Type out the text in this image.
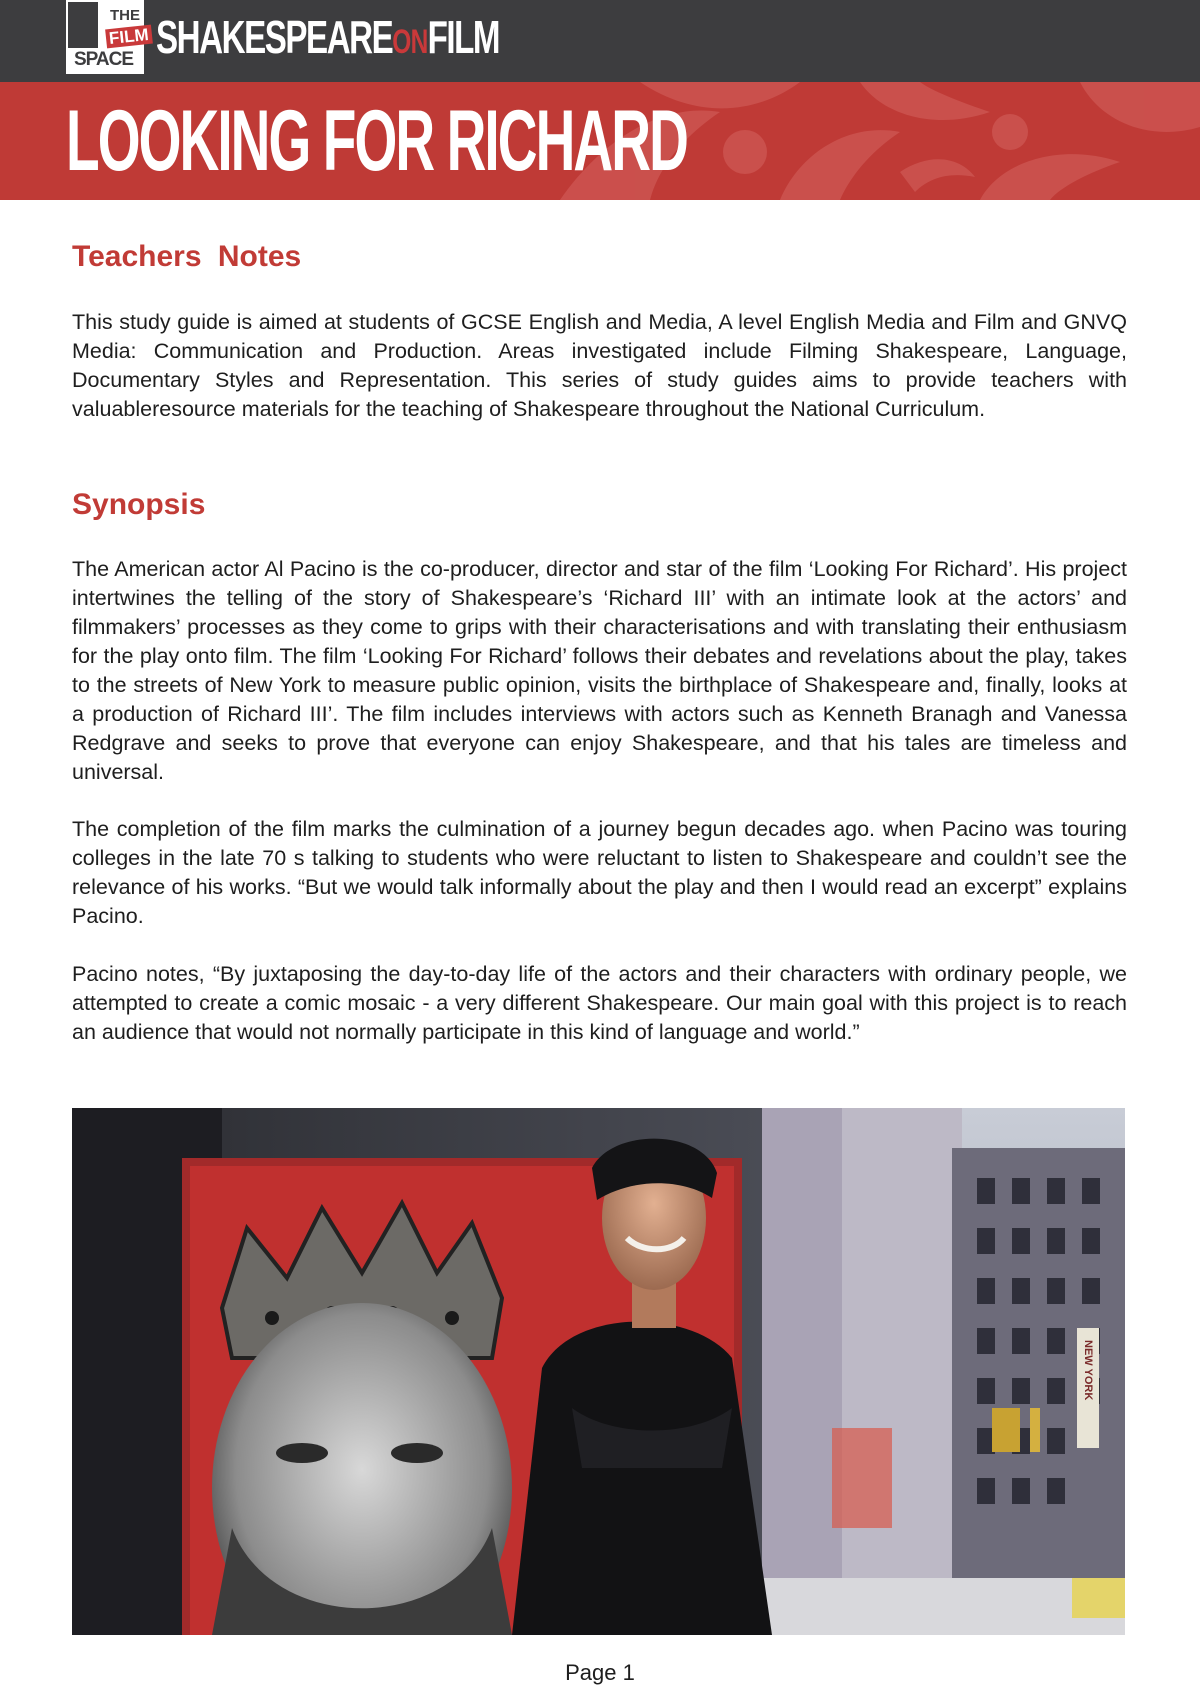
THE
FILM
SPACE SHAKESPEARE ON FILM
LOOKING FOR RICHARD
Teachers Notes

This study guide is aimed at students of GCSE English and Media, A level English Media and Film and GNVQ Media: Communication and Production. Areas investigated include Filming Shakespeare, Language, Documentary Styles and Representation. This series of study guides aims to provide teachers with valuableresource materials for the teaching of Shakespeare throughout the National Curriculum.

Synopsis

The American actor Al Pacino is the co-producer, director and star of the film ‘Looking For Richard’. His project intertwines the telling of the story of Shakespeare’s ‘Richard III’ with an intimate look at the actors’ and filmmakers’ processes as they come to grips with their characterisations and with translating their enthusiasm for the play onto film. The film ‘Looking For Richard’ follows their debates and revelations about the play, takes to the streets of New York to measure public opinion, visits the birthplace of Shakespeare and, finally, looks at a production of Richard III’. The film includes interviews with actors such as Kenneth Branagh and Vanessa Redgrave and seeks to prove that everyone can enjoy Shakespeare, and that his tales are timeless and universal.

The completion of the film marks the culmination of a journey begun decades ago. when Pacino was touring colleges in the late 70 s talking to students who were reluctant to listen to Shakespeare and couldn’t see the relevance of his works. “But we would talk informally about the play and then I would read an excerpt” explains Pacino.

Pacino notes, “By juxtaposing the day-to-day life of the actors and their characters with ordinary people, we attempted to create a comic mosaic - a very different Shakespeare. Our main goal with this project is to reach an audience that would not normally participate in this kind of language and world.”

NEW YORK
Page 1
